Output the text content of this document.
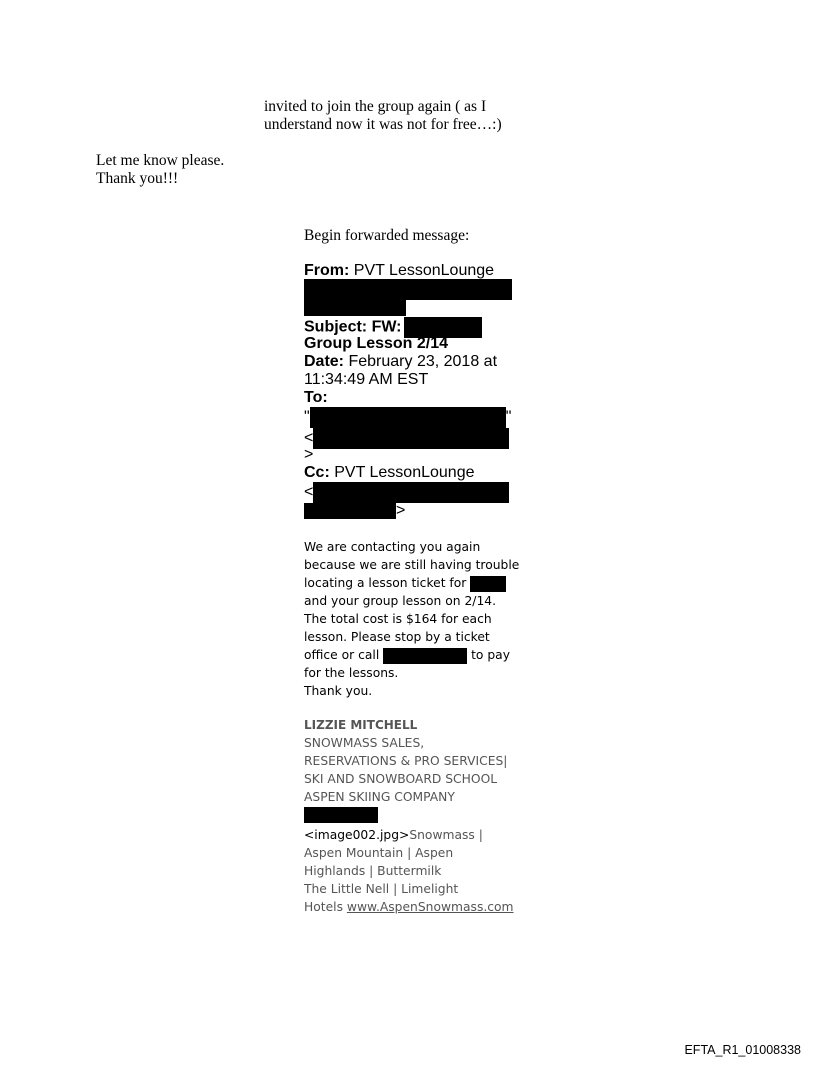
invited to join the group again ( as I
understand now it was not for free…:)
Let me know please.
Thank you!!!
Begin forwarded message:
From: PVT LessonLounge
Subject: FW:
Group Lesson 2/14
Date: February 23, 2018 at
11:34:49 AM EST
To:
"	"
<
>
Cc: PVT LessonLounge
<
>
We are contacting you again
because we are still having trouble
locating a lesson ticket for
and your group lesson on 2/14.
The total cost is $164 for each
lesson. Please stop by a ticket
office or call	to pay
for the lessons.
Thank you.
LIZZIE MITCHELL
SNOWMASS SALES,
RESERVATIONS & PRO SERVICES|
SKI AND SNOWBOARD SCHOOL
ASPEN SKIING COMPANY
<image002.jpg>Snowmass |
Aspen Mountain | Aspen
Highlands | Buttermilk
The Little Nell | Limelight
Hotels www.AspenSnowmass.com
EFTA_R1_01008338
